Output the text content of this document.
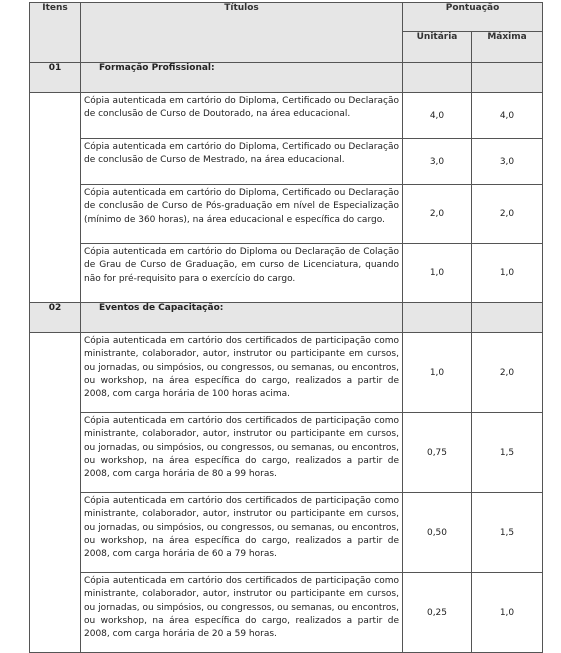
Itens	Títulos	Pontuação	
		Unitária	Máxima
01	Formação Profissional:		
	Cópia autenticada em cartório do Diploma, Certificado ou Declaração de conclusão de Curso de Doutorado, na área educacional.	4,0	4,0
	Cópia autenticada em cartório do Diploma, Certificado ou Declaração de conclusão de Curso de Mestrado, na área educacional.	3,0	3,0
	Cópia autenticada em cartório do Diploma, Certificado ou Declaração de conclusão de Curso de Pós-graduação em nível de Especialização (mínimo de 360 horas), na área educacional e específica do cargo.	2,0	2,0
	Cópia autenticada em cartório do Diploma ou Declaração de Colação de Grau de Curso de Graduação, em curso de Licenciatura, quando não for pré-requisito para o exercício do cargo.	1,0	1,0
02	Eventos de Capacitação:		
	Cópia autenticada em cartório dos certificados de participação como ministrante, colaborador, autor, instrutor ou participante em cursos, ou jornadas, ou simpósios, ou congressos, ou semanas, ou encontros, ou workshop, na área específica do cargo, realizados a partir de 2008, com carga horária de 100 horas acima.	1,0	2,0
	Cópia autenticada em cartório dos certificados de participação como ministrante, colaborador, autor, instrutor ou participante em cursos, ou jornadas, ou simpósios, ou congressos, ou semanas, ou encontros, ou workshop, na área específica do cargo, realizados a partir de 2008, com carga horária de 80 a 99 horas.	0,75	1,5
	Cópia autenticada em cartório dos certificados de participação como ministrante, colaborador, autor, instrutor ou participante em cursos, ou jornadas, ou simpósios, ou congressos, ou semanas, ou encontros, ou workshop, na área específica do cargo, realizados a partir de 2008, com carga horária de 60 a 79 horas.	0,50	1,5
	Cópia autenticada em cartório dos certificados de participação como ministrante, colaborador, autor, instrutor ou participante em cursos, ou jornadas, ou simpósios, ou congressos, ou semanas, ou encontros, ou workshop, na área específica do cargo, realizados a partir de 2008, com carga horária de 20 a 59 horas.	0,25	1,0
